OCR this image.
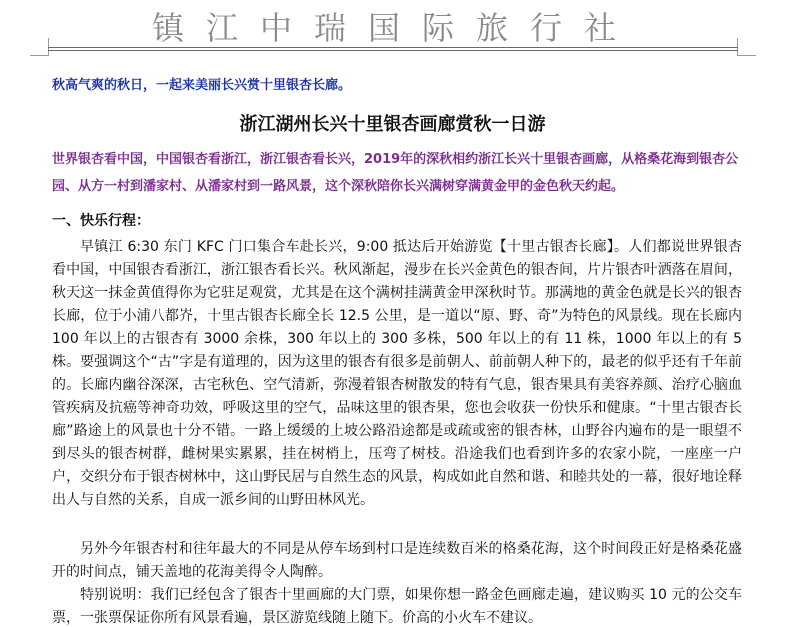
镇江中瑞国际旅行社
秋高气爽的秋日，一起来美丽长兴赏十里银杏长廊。
浙江湖州长兴十里银杏画廊赏秋一日游
世界银杏看中国，中国银杏看浙江，浙江银杏看长兴，2019年的深秋相约浙江长兴十里银杏画廊，从格桑花海到银杏公园、从方一村到潘家村、从潘家村到一路风景，这个深秋陪你长兴满树穿满黄金甲的金色秋天约起。
一、快乐行程：
早镇江 6:30 东门 KFC 门口集合车赴长兴，9:00 抵达后开始游览【十里古银杏长廊】。人们都说世界银杏看中国，中国银杏看浙江，浙江银杏看长兴。秋风渐起，漫步在长兴金黄色的银杏间，片片银杏叶洒落在眉间，秋天这一抹金黄值得你为它驻足观赏，尤其是在这个满树挂满黄金甲深秋时节。那满地的黄金色就是长兴的银杏长廊，位于小浦八都岕，十里古银杏长廊全长 12.5 公里，是一道以“原、野、奇”为特色的风景线。现在长廊内 100 年以上的古银杏有 3000 余株，300 年以上的 300 多株，500 年以上的有 11 株，1000 年以上的有 5 株。要强调这个“古”字是有道理的，因为这里的银杏有很多是前朝人、前前朝人种下的，最老的似乎还有千年前的。长廊内幽谷深深，古宅秋色、空气清新，弥漫着银杏树散发的特有气息，银杏果具有美容养颜、治疗心脑血管疾病及抗癌等神奇功效，呼吸这里的空气，品味这里的银杏果，您也会收获一份快乐和健康。“十里古银杏长廊”路途上的风景也十分不错。一路上缓缓的上坡公路沿途都是或疏或密的银杏林，山野谷内遍布的是一眼望不到尽头的银杏树群，雌树果实累累，挂在树梢上，压弯了树枝。沿途我们也看到许多的农家小院，一座座一户户，交织分布于银杏树林中，这山野民居与自然生态的风景，构成如此自然和谐、和睦共处的一幕，很好地诠释出人与自然的关系，自成一派乡间的山野田林风光。
另外今年银杏村和往年最大的不同是从停车场到村口是连续数百米的格桑花海，这个时间段正好是格桑花盛开的时间点，铺天盖地的花海美得令人陶醉。
特别说明：我们已经包含了银杏十里画廊的大门票，如果你想一路金色画廊走遍，建议购买 10 元的公交车票，一张票保证你所有风景看遍，景区游览线随上随下。价高的小火车不建议。
